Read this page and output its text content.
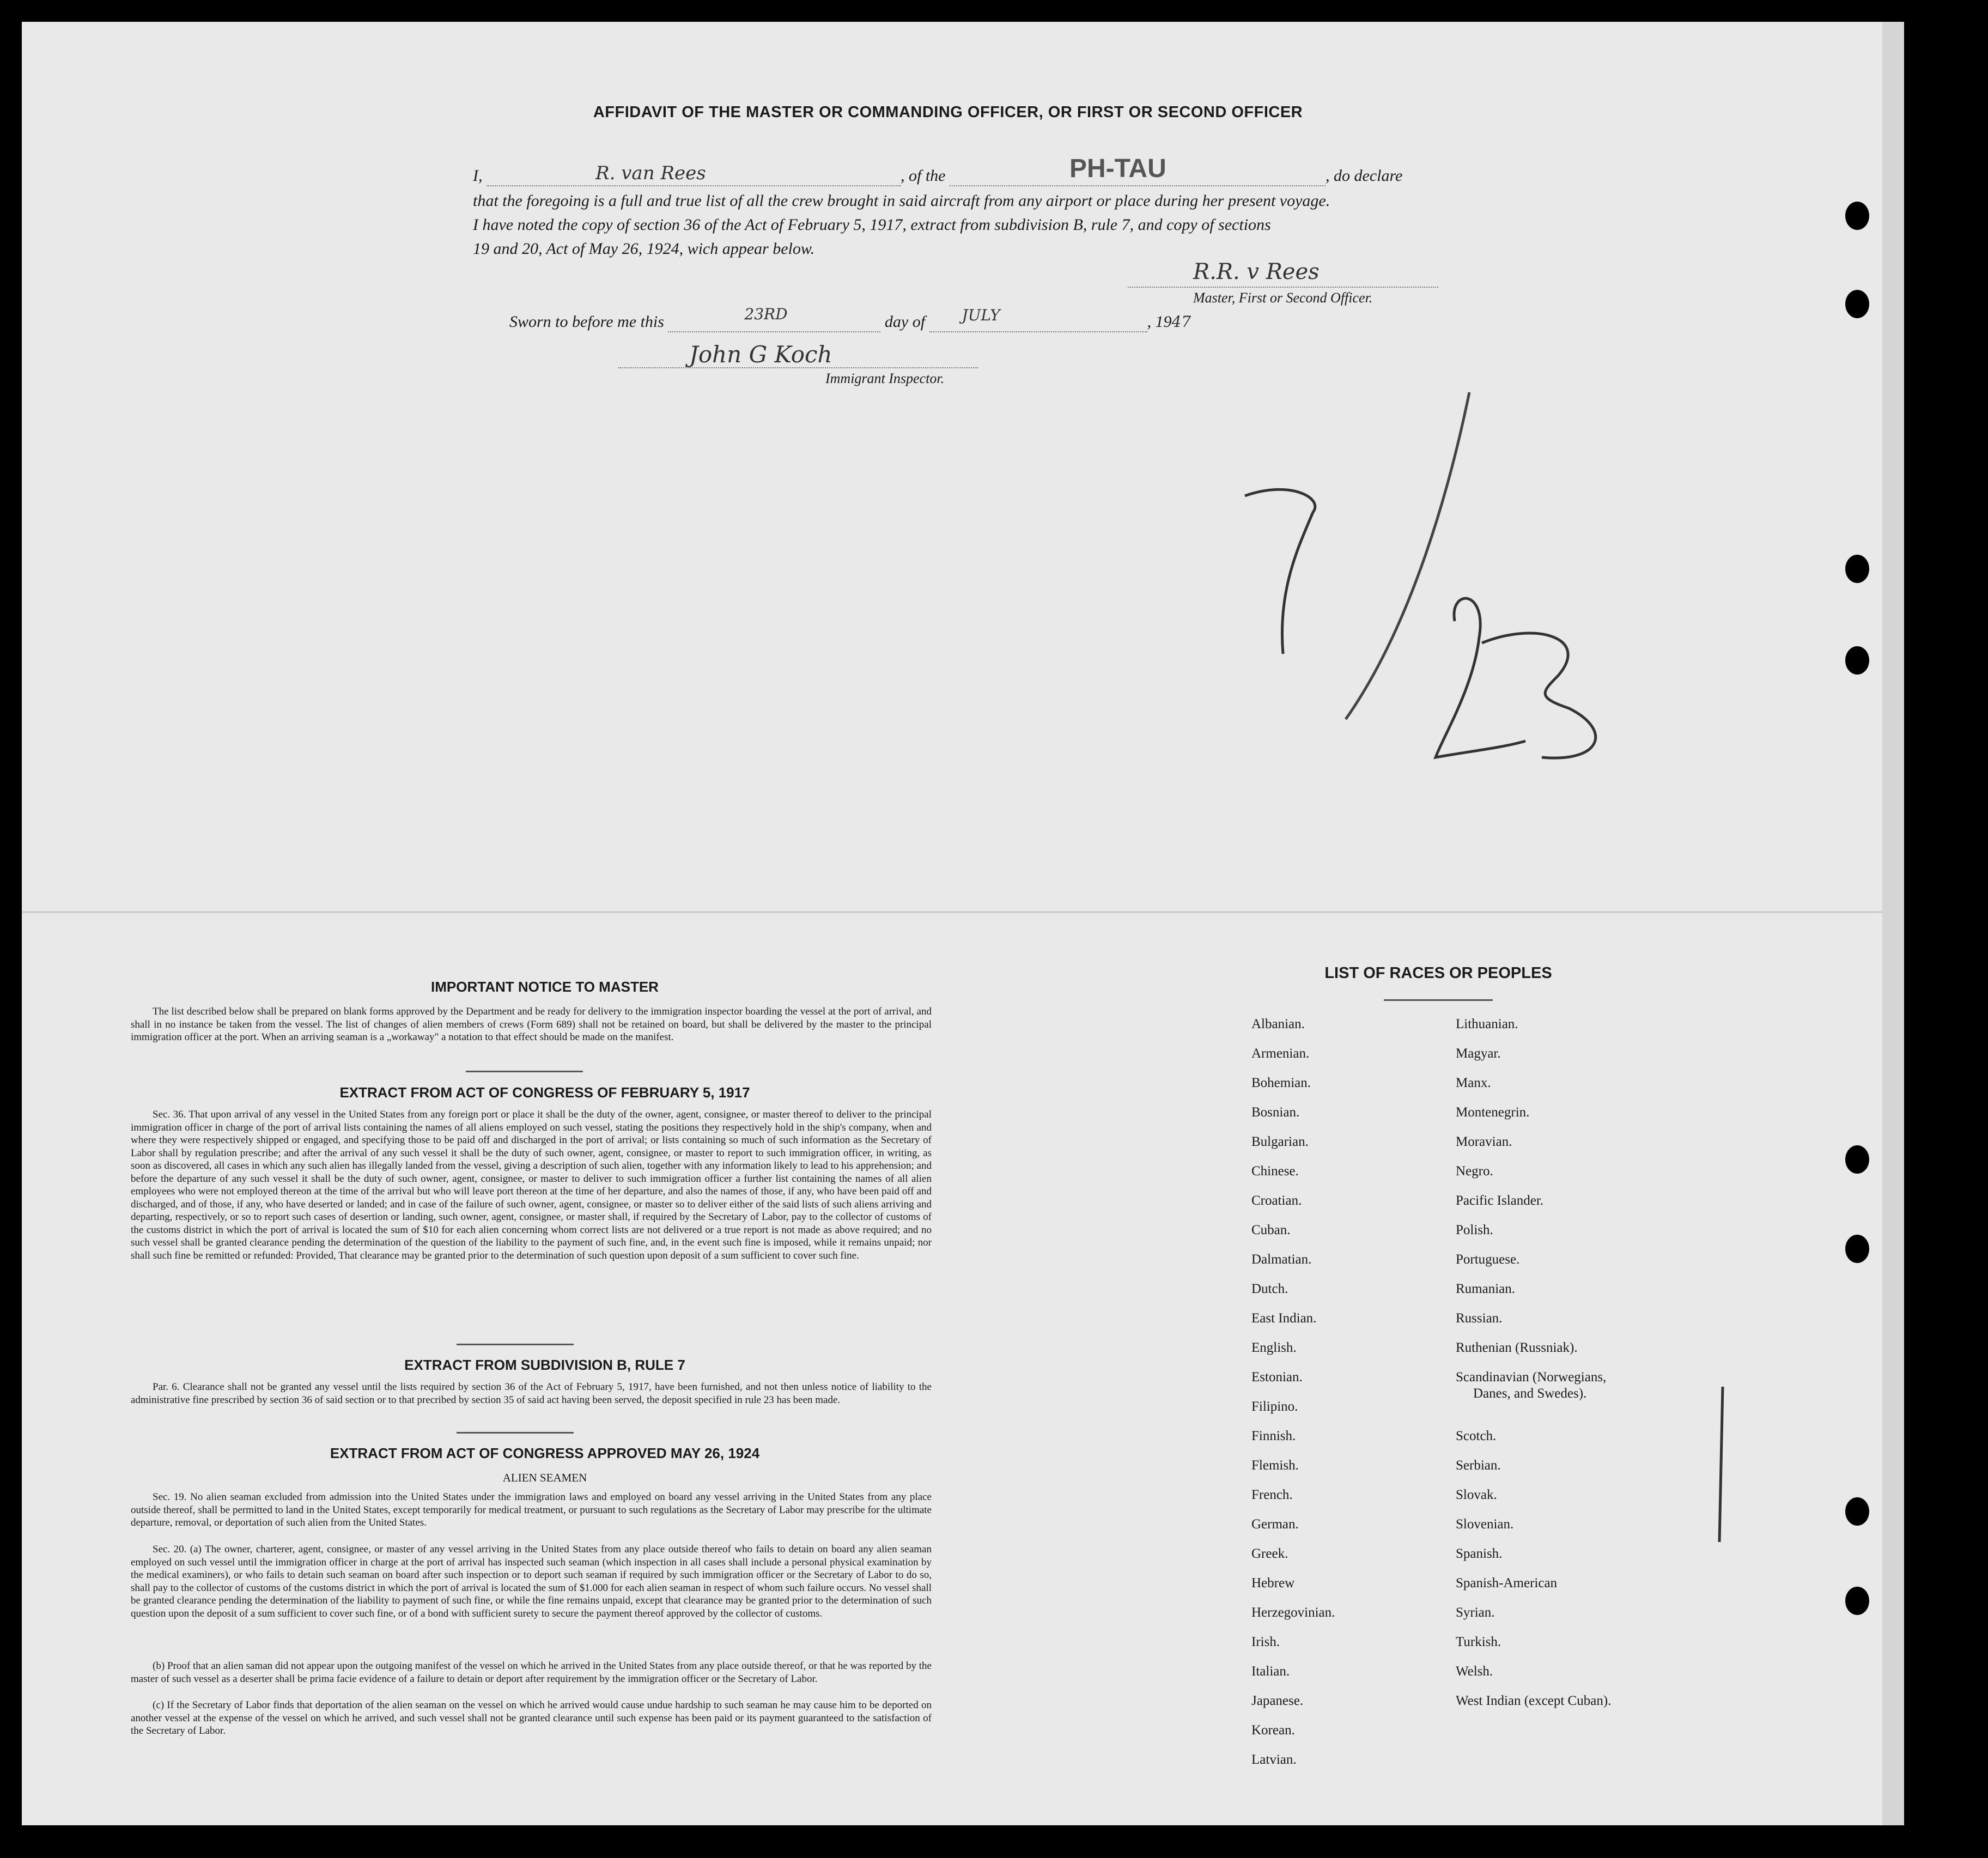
AFFIDAVIT OF THE MASTER OR COMMANDING OFFICER, OR FIRST OR SECOND OFFICER
I,	R. van Rees	, of the	PH-TAU	, do declare
that the foregoing is a full and true list of all the crew brought in said aircraft from any airport or place during her present voyage.
I have noted the copy of section 36 of the Act of February 5, 1917, extract from subdivision B, rule 7, and copy of sections
19 and 20, Act of May 26, 1924, wich appear below.
R.R. v Rees
Master, First or Second Officer.
Sworn to before me this	23RD	day of JULY	, 1947
John G Koch
Immigrant Inspector.
IMPORTANT NOTICE TO MASTER
The list described below shall be prepared on blank forms approved by the Department and be ready for delivery to the immigration inspector boarding the vessel at the port of arrival, and shall in no instance be taken from the vessel. The list of changes of alien members of crews (Form 689) shall not be retained on board, but shall be delivered by the master to the principal immigration officer at the port. When an arriving seaman is a „workaway" a notation to that effect should be made on the manifest.
EXTRACT FROM ACT OF CONGRESS OF FEBRUARY 5, 1917
Sec. 36. That upon arrival of any vessel in the United States from any foreign port or place it shall be the duty of the owner, agent, consignee, or master thereof to deliver to the principal immigration officer in charge of the port of arrival lists containing the names of all aliens employed on such vessel, stating the positions they respectively hold in the ship's company, when and where they were respectively shipped or engaged, and specifying those to be paid off and discharged in the port of arrival; or lists containing so much of such information as the Secretary of Labor shall by regulation prescribe; and after the arrival of any such vessel it shall be the duty of such owner, agent, consignee, or master to report to such immigration officer, in writing, as soon as discovered, all cases in which any such alien has illegally landed from the vessel, giving a description of such alien, together with any information likely to lead to his apprehension; and before the departure of any such vessel it shall be the duty of such owner, agent, consignee, or master to deliver to such immigration officer a further list containing the names of all alien employees who were not employed thereon at the time of the arrival but who will leave port thereon at the time of her departure, and also the names of those, if any, who have been paid off and discharged, and of those, if any, who have deserted or landed; and in case of the failure of such owner, agent, consignee, or master so to deliver either of the said lists of such aliens arriving and departing, respectively, or so to report such cases of desertion or landing, such owner, agent, consignee, or master shall, if required by the Secretary of Labor, pay to the collector of customs of the customs district in which the port of arrival is located the sum of $10 for each alien concerning whom correct lists are not delivered or a true report is not made as above required; and no such vessel shall be granted clearance pending the determination of the question of the liability to the payment of such fine, and, in the event such fine is imposed, while it remains unpaid; nor shall such fine be remitted or refunded: Provided, That clearance may be granted prior to the determination of such question upon deposit of a sum sufficient to cover such fine.
EXTRACT FROM SUBDIVISION B, RULE 7
Par. 6. Clearance shall not be granted any vessel until the lists required by section 36 of the Act of February 5, 1917, have been furnished, and not then unless notice of liability to the administrative fine prescribed by section 36 of said section or to that precribed by section 35 of said act having been served, the deposit specified in rule 23 has been made.
EXTRACT FROM ACT OF CONGRESS APPROVED MAY 26, 1924
ALIEN SEAMEN
Sec. 19. No alien seaman excluded from admission into the United States under the immigration laws and employed on board any vessel arriving in the United States from any place outside thereof, shall be permitted to land in the United States, except temporarily for medical treatment, or pursuant to such regulations as the Secretary of Labor may prescribe for the ultimate departure, removal, or deportation of such alien from the United States.
Sec. 20. (a) The owner, charterer, agent, consignee, or master of any vessel arriving in the United States from any place outside thereof who fails to detain on board any alien seaman employed on such vessel until the immigration officer in charge at the port of arrival has inspected such seaman (which inspection in all cases shall include a personal physical examination by the medical examiners), or who fails to detain such seaman on board after such inspection or to deport such seaman if required by such immigration officer or the Secretary of Labor to do so, shall pay to the collector of customs of the customs district in which the port of arrival is located the sum of $1.000 for each alien seaman in respect of whom such failure occurs. No vessel shall be granted clearance pending the determination of the liability to payment of such fine, or while the fine remains unpaid, except that clearance may be granted prior to the determination of such question upon the deposit of a sum sufficient to cover such fine, or of a bond with sufficient surety to secure the payment thereof approved by the collector of customs.
(b) Proof that an alien saman did not appear upon the outgoing manifest of the vessel on which he arrived in the United States from any place outside thereof, or that he was reported by the master of such vessel as a deserter shall be prima facie evidence of a failure to detain or deport after requirement by the immigration officer or the Secretary of Labor.
(c) If the Secretary of Labor finds that deportation of the alien seaman on the vessel on which he arrived would cause undue hardship to such seaman he may cause him to be deported on another vessel at the expense of the vessel on which he arrived, and such vessel shall not be granted clearance until such expense has been paid or its payment guaranteed to the satisfaction of the Secretary of Labor.
LIST OF RACES OR PEOPLES
Albanian.
Armenian.
Bohemian.
Bosnian.
Bulgarian.
Chinese.
Croatian.
Cuban.
Dalmatian.
Dutch.
East Indian.
English.
Estonian.
Filipino.
Finnish.
Flemish.
French.
German.
Greek.
Hebrew
Herzegovinian.
Irish.
Italian.
Japanese.
Korean.
Latvian.
Lithuanian.
Magyar.
Manx.
Montenegrin.
Moravian.
Negro.
Pacific Islander.
Polish.
Portuguese.
Rumanian.
Russian.
Ruthenian (Russniak).
Scandinavian (Norwegians,
Danes, and Swedes).
Scotch.
Serbian.
Slovak.
Slovenian.
Spanish.
Spanish-American
Syrian.
Turkish.
Welsh.
West Indian (except Cuban).
